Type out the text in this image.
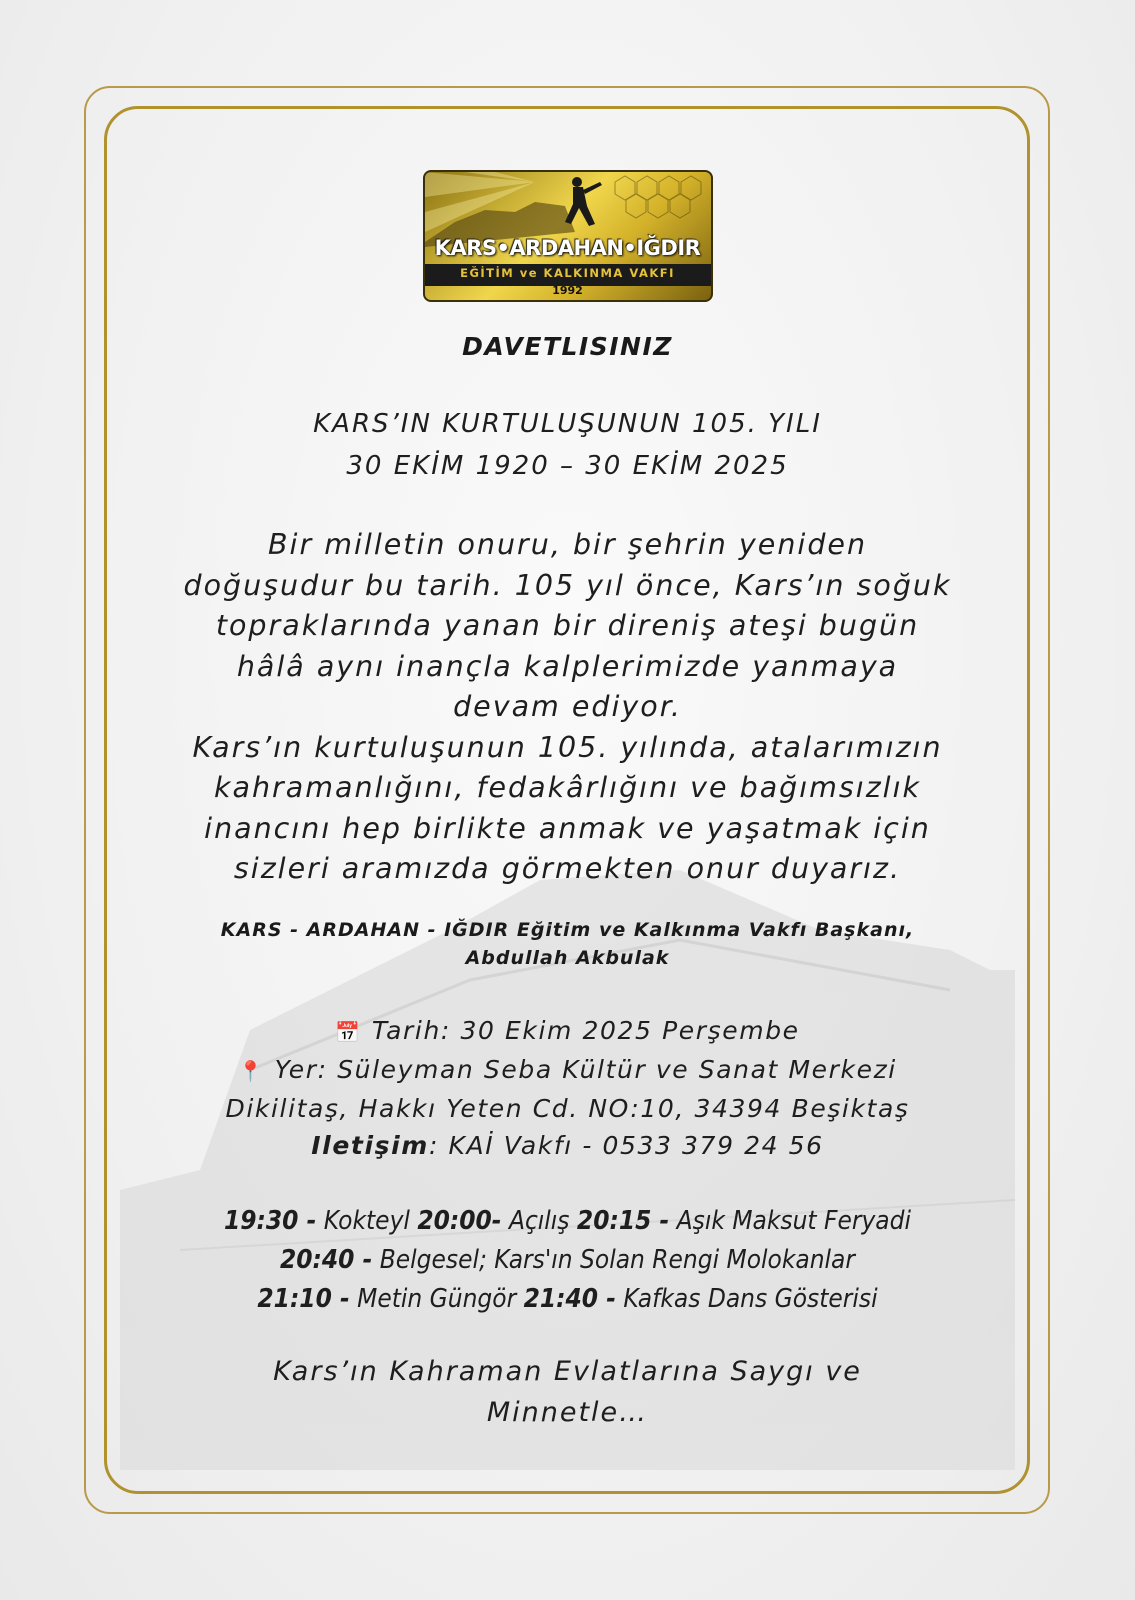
KARS•ARDAHAN•IĞDIR
EĞİTİM ve KALKINMA VAKFI
1992
DAVETLISINIZ
KARS’IN KURTULUŞUNUN 105. YILI
30 EKİM 1920 – 30 EKİM 2025
Bir milletin onuru, bir şehrin yeniden
doğuşudur bu tarih. 105 yıl önce, Kars’ın soğuk
topraklarında yanan bir direniş ateşi bugün
hâlâ aynı inançla kalplerimizde yanmaya
devam ediyor.
Kars’ın kurtuluşunun 105. yılında, atalarımızın
kahramanlığını, fedakârlığını ve bağımsızlık
inancını hep birlikte anmak ve yaşatmak için
sizleri aramızda görmekten onur duyarız.
KARS - ARDAHAN - IĞDIR Eğitim ve Kalkınma Vakfı Başkanı,
Abdullah Akbulak
📅 Tarih: 30 Ekim 2025 Perşembe
📍 Yer: Süleyman Seba Kültür ve Sanat Merkezi
Dikilitaş, Hakkı Yeten Cd. NO:10, 34394 Beşiktaş
Iletişim: KAİ Vakfı - 0533 379 24 56
19:30 - Kokteyl 20:00- Açılış 20:15 - Aşık Maksut Feryadi
20:40 - Belgesel; Kars'ın Solan Rengi Molokanlar
21:10 - Metin Güngör 21:40 - Kafkas Dans Gösterisi
Kars’ın Kahraman Evlatlarına Saygı ve
Minnetle…
